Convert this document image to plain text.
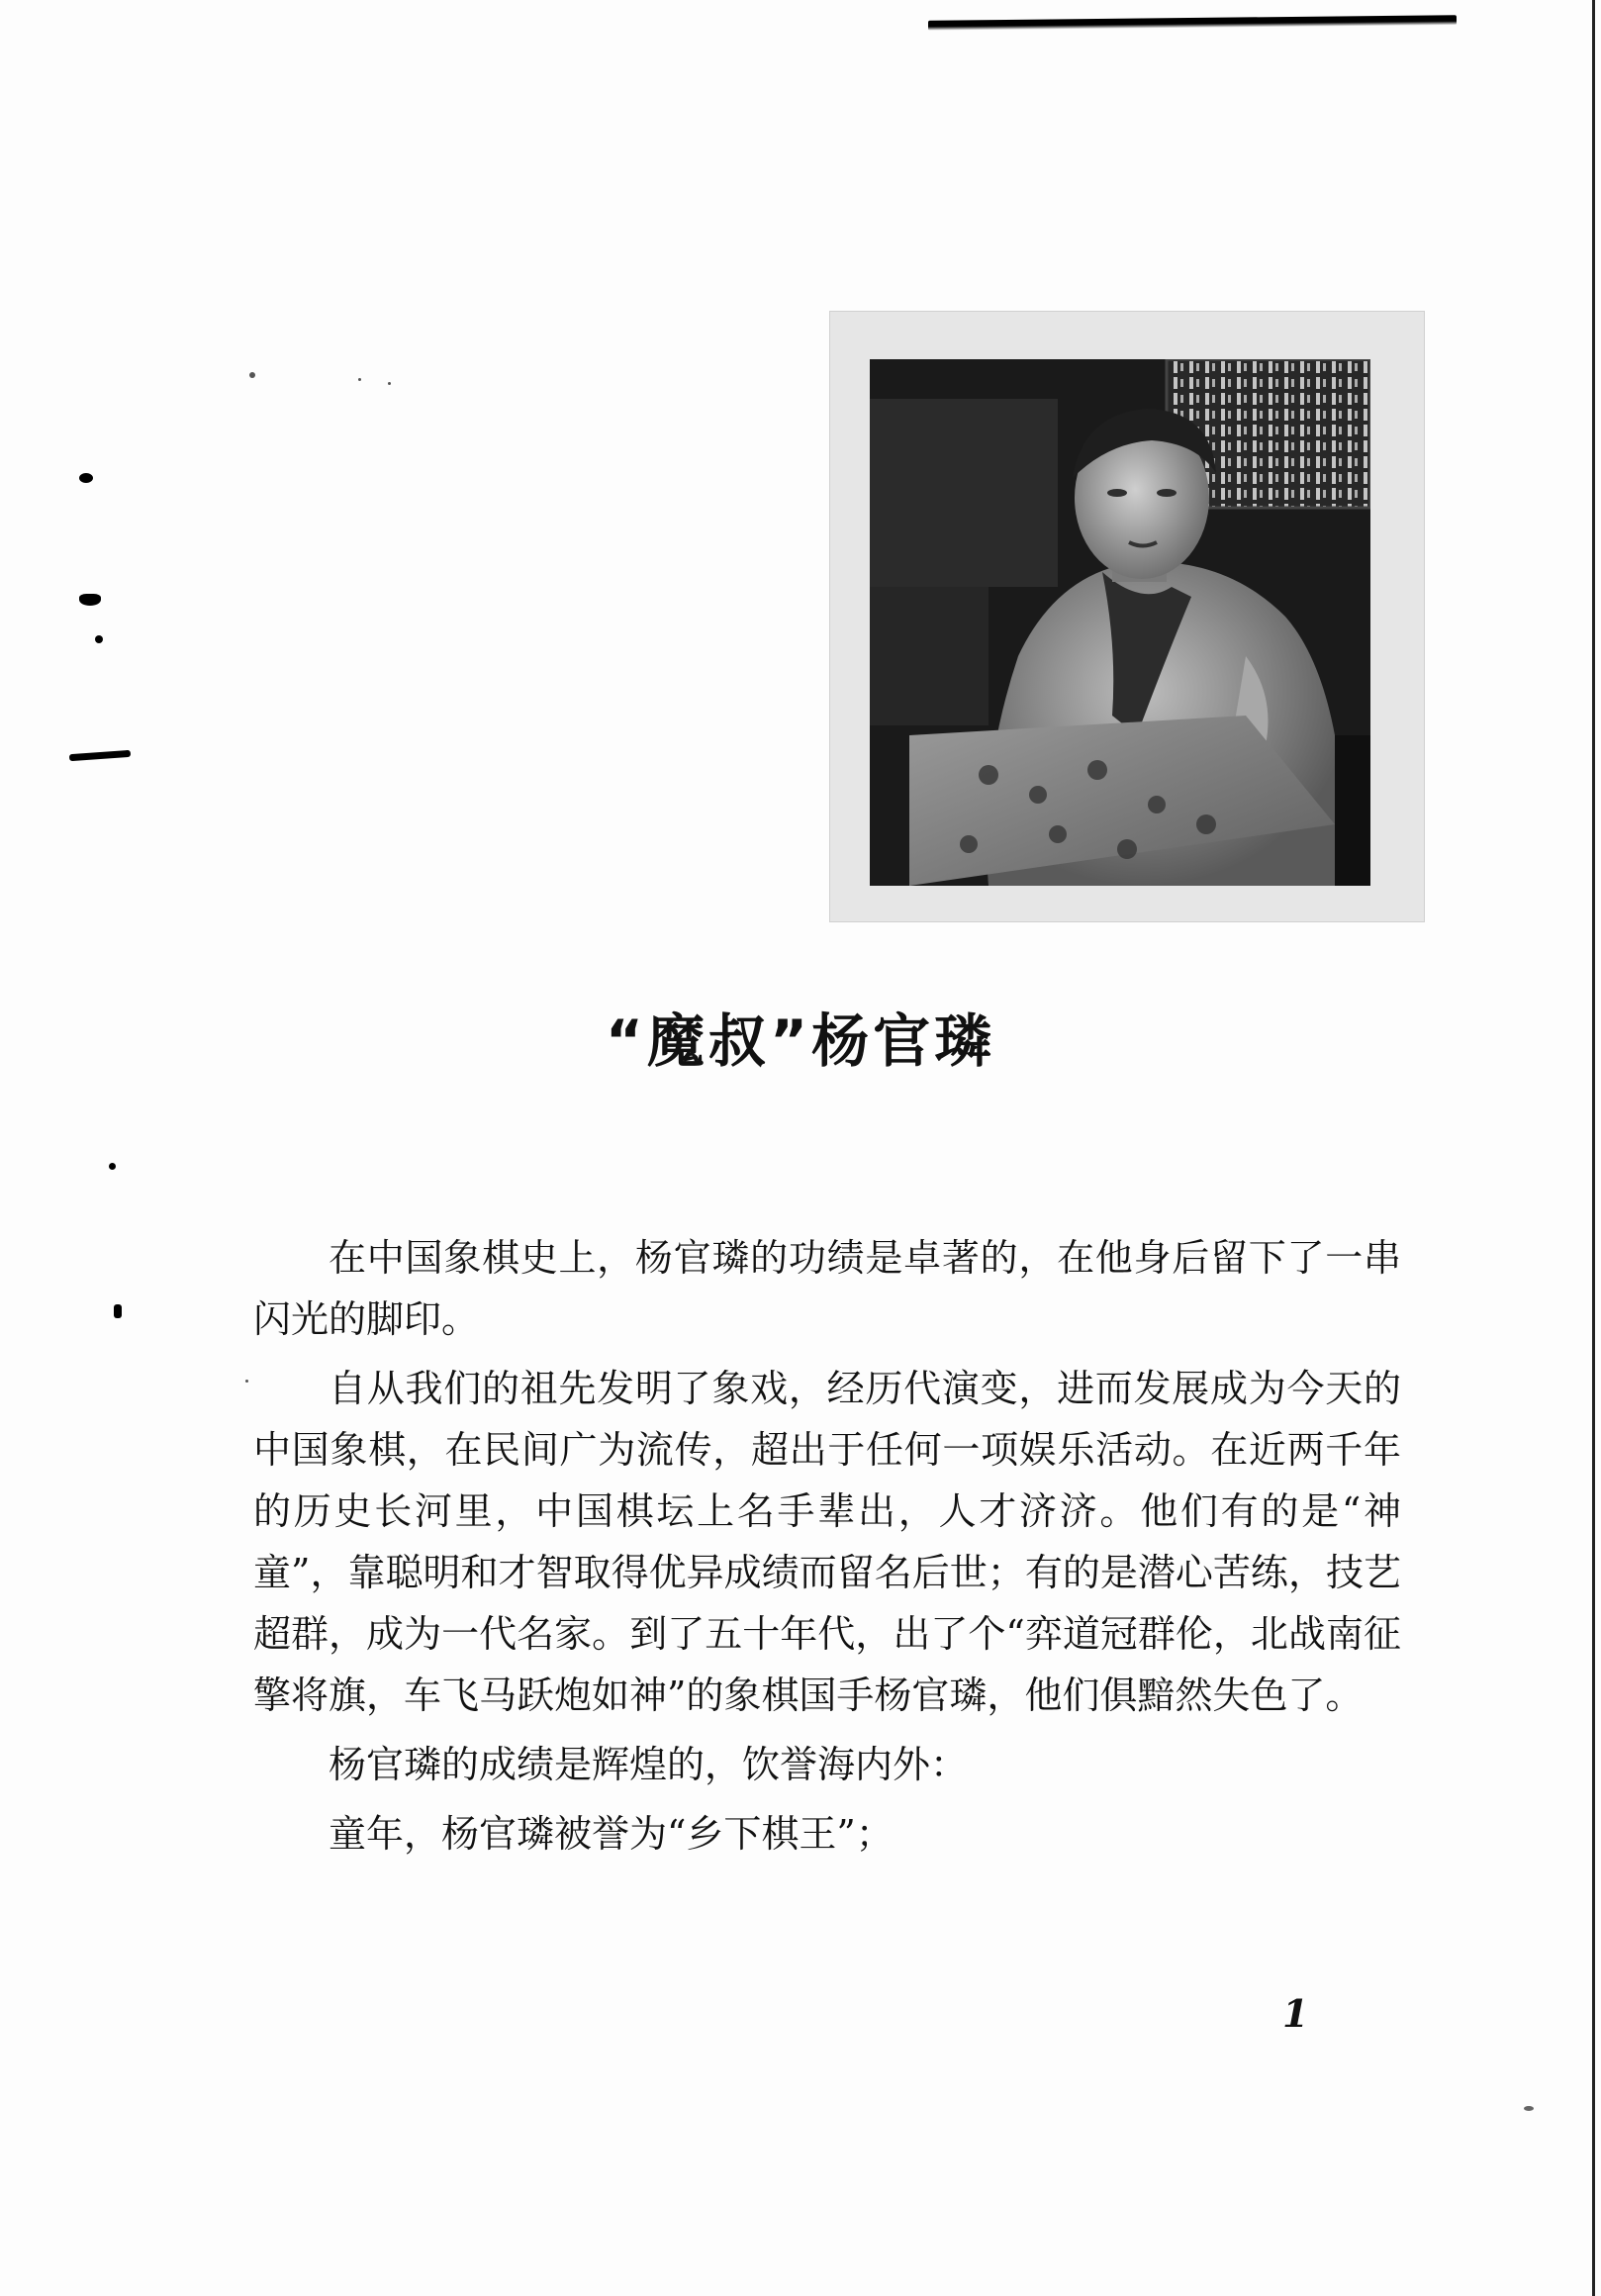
“魔叔”杨官璘

在中国象棋史上，杨官璘的功绩是卓著的，在他身后留下了一串闪光的脚印。

自从我们的祖先发明了象戏，经历代演变，进而发展成为今天的中国象棋，在民间广为流传，超出于任何一项娱乐活动。在近两千年的历史长河里，中国棋坛上名手辈出，人才济济。他们有的是“神童”，靠聪明和才智取得优异成绩而留名后世；有的是潜心苦练，技艺超群，成为一代名家。到了五十年代，出了个“弈道冠群伦，北战南征擎将旗，车飞马跃炮如神”的象棋国手杨官璘，他们俱黯然失色了。

杨官璘的成绩是辉煌的，饮誉海内外：

童年，杨官璘被誉为“乡下棋王”；

1
